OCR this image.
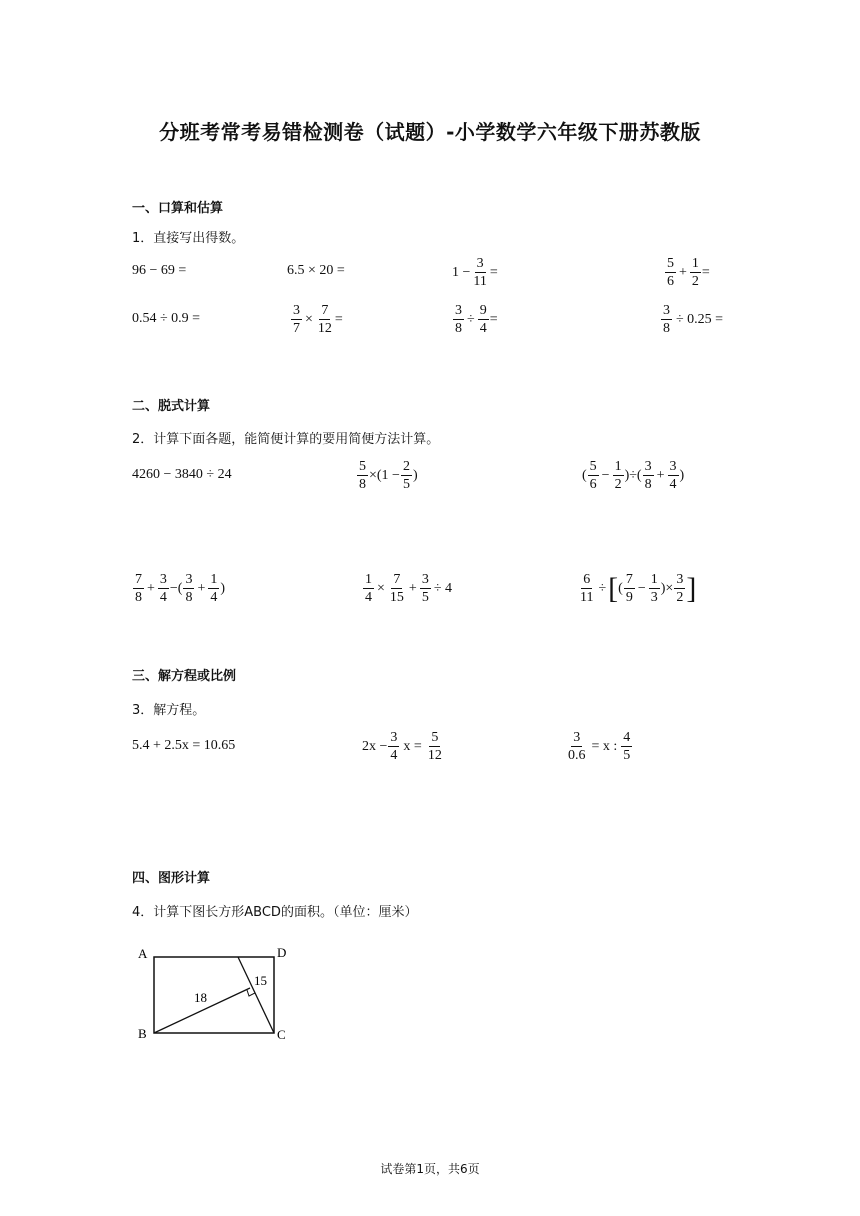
分班考常考易错检测卷（试题）-小学数学六年级下册苏教版
一、口算和估算
1．直接写出得数。
96 − 69 =	6.5 × 20 =	$1 - \frac{3}{11}$ =	$\frac{5}{6} + \frac{1}{2}$ =
0.54 ÷ 0.9 =	$\frac{3}{7} \times \frac{7}{12}$ =	$\frac{3}{8} \div \frac{9}{4}$ =	$\frac{3}{8} \div 0.25$ =
二、脱式计算
2．计算下面各题，能简便计算的要用简便方法计算。
4260 − 3840 ÷ 24	$\frac{5}{8} \times(1 - \frac{2}{5}$ )	( $\frac{5}{6} - \frac{1}{2}$ )÷( $\frac{3}{8} + \frac{3}{4}$ )
$\frac{7}{8} + \frac{3}{4}$ −( $\frac{3}{8} + \frac{1}{4}$ )	$\frac{1}{4} \times \frac{7}{15} + \frac{3}{5} \div 4$	$\frac{6}{11}$ ÷ [ ( $\frac{7}{9} - \frac{1}{3}$ )× $\frac{3}{2}$ ]
三、解方程或比例
3．解方程。
5.4 + 2.5x = 10.65	$2x - \frac{3}{4}$ $x = \frac{5}{12}$	$\frac{3}{0.6} = x$ : $\frac{4}{5}$
四、图形计算
4．计算下图长方形ABCD的面积。（单位：厘米）
A
B	C
D
18
15
试卷第1页，共6页
